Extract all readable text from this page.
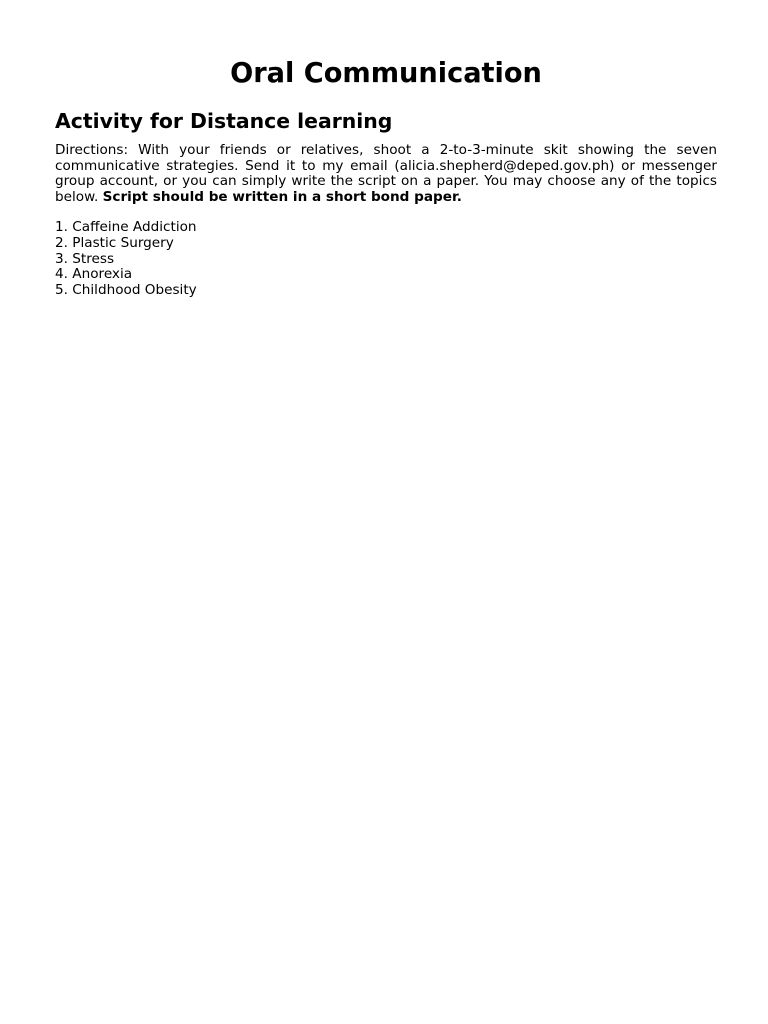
Oral Communication
Activity for Distance learning

Directions: With your friends or relatives, shoot a 2-to-3-minute skit showing the seven communicative strategies. Send it to my email (alicia.shepherd@deped.gov.ph) or messenger group account, or you can simply write the script on a paper. You may choose any of the topics below. Script should be written in a short bond paper.

1. Caffeine Addiction
2. Plastic Surgery
3. Stress
4. Anorexia
5. Childhood Obesity
